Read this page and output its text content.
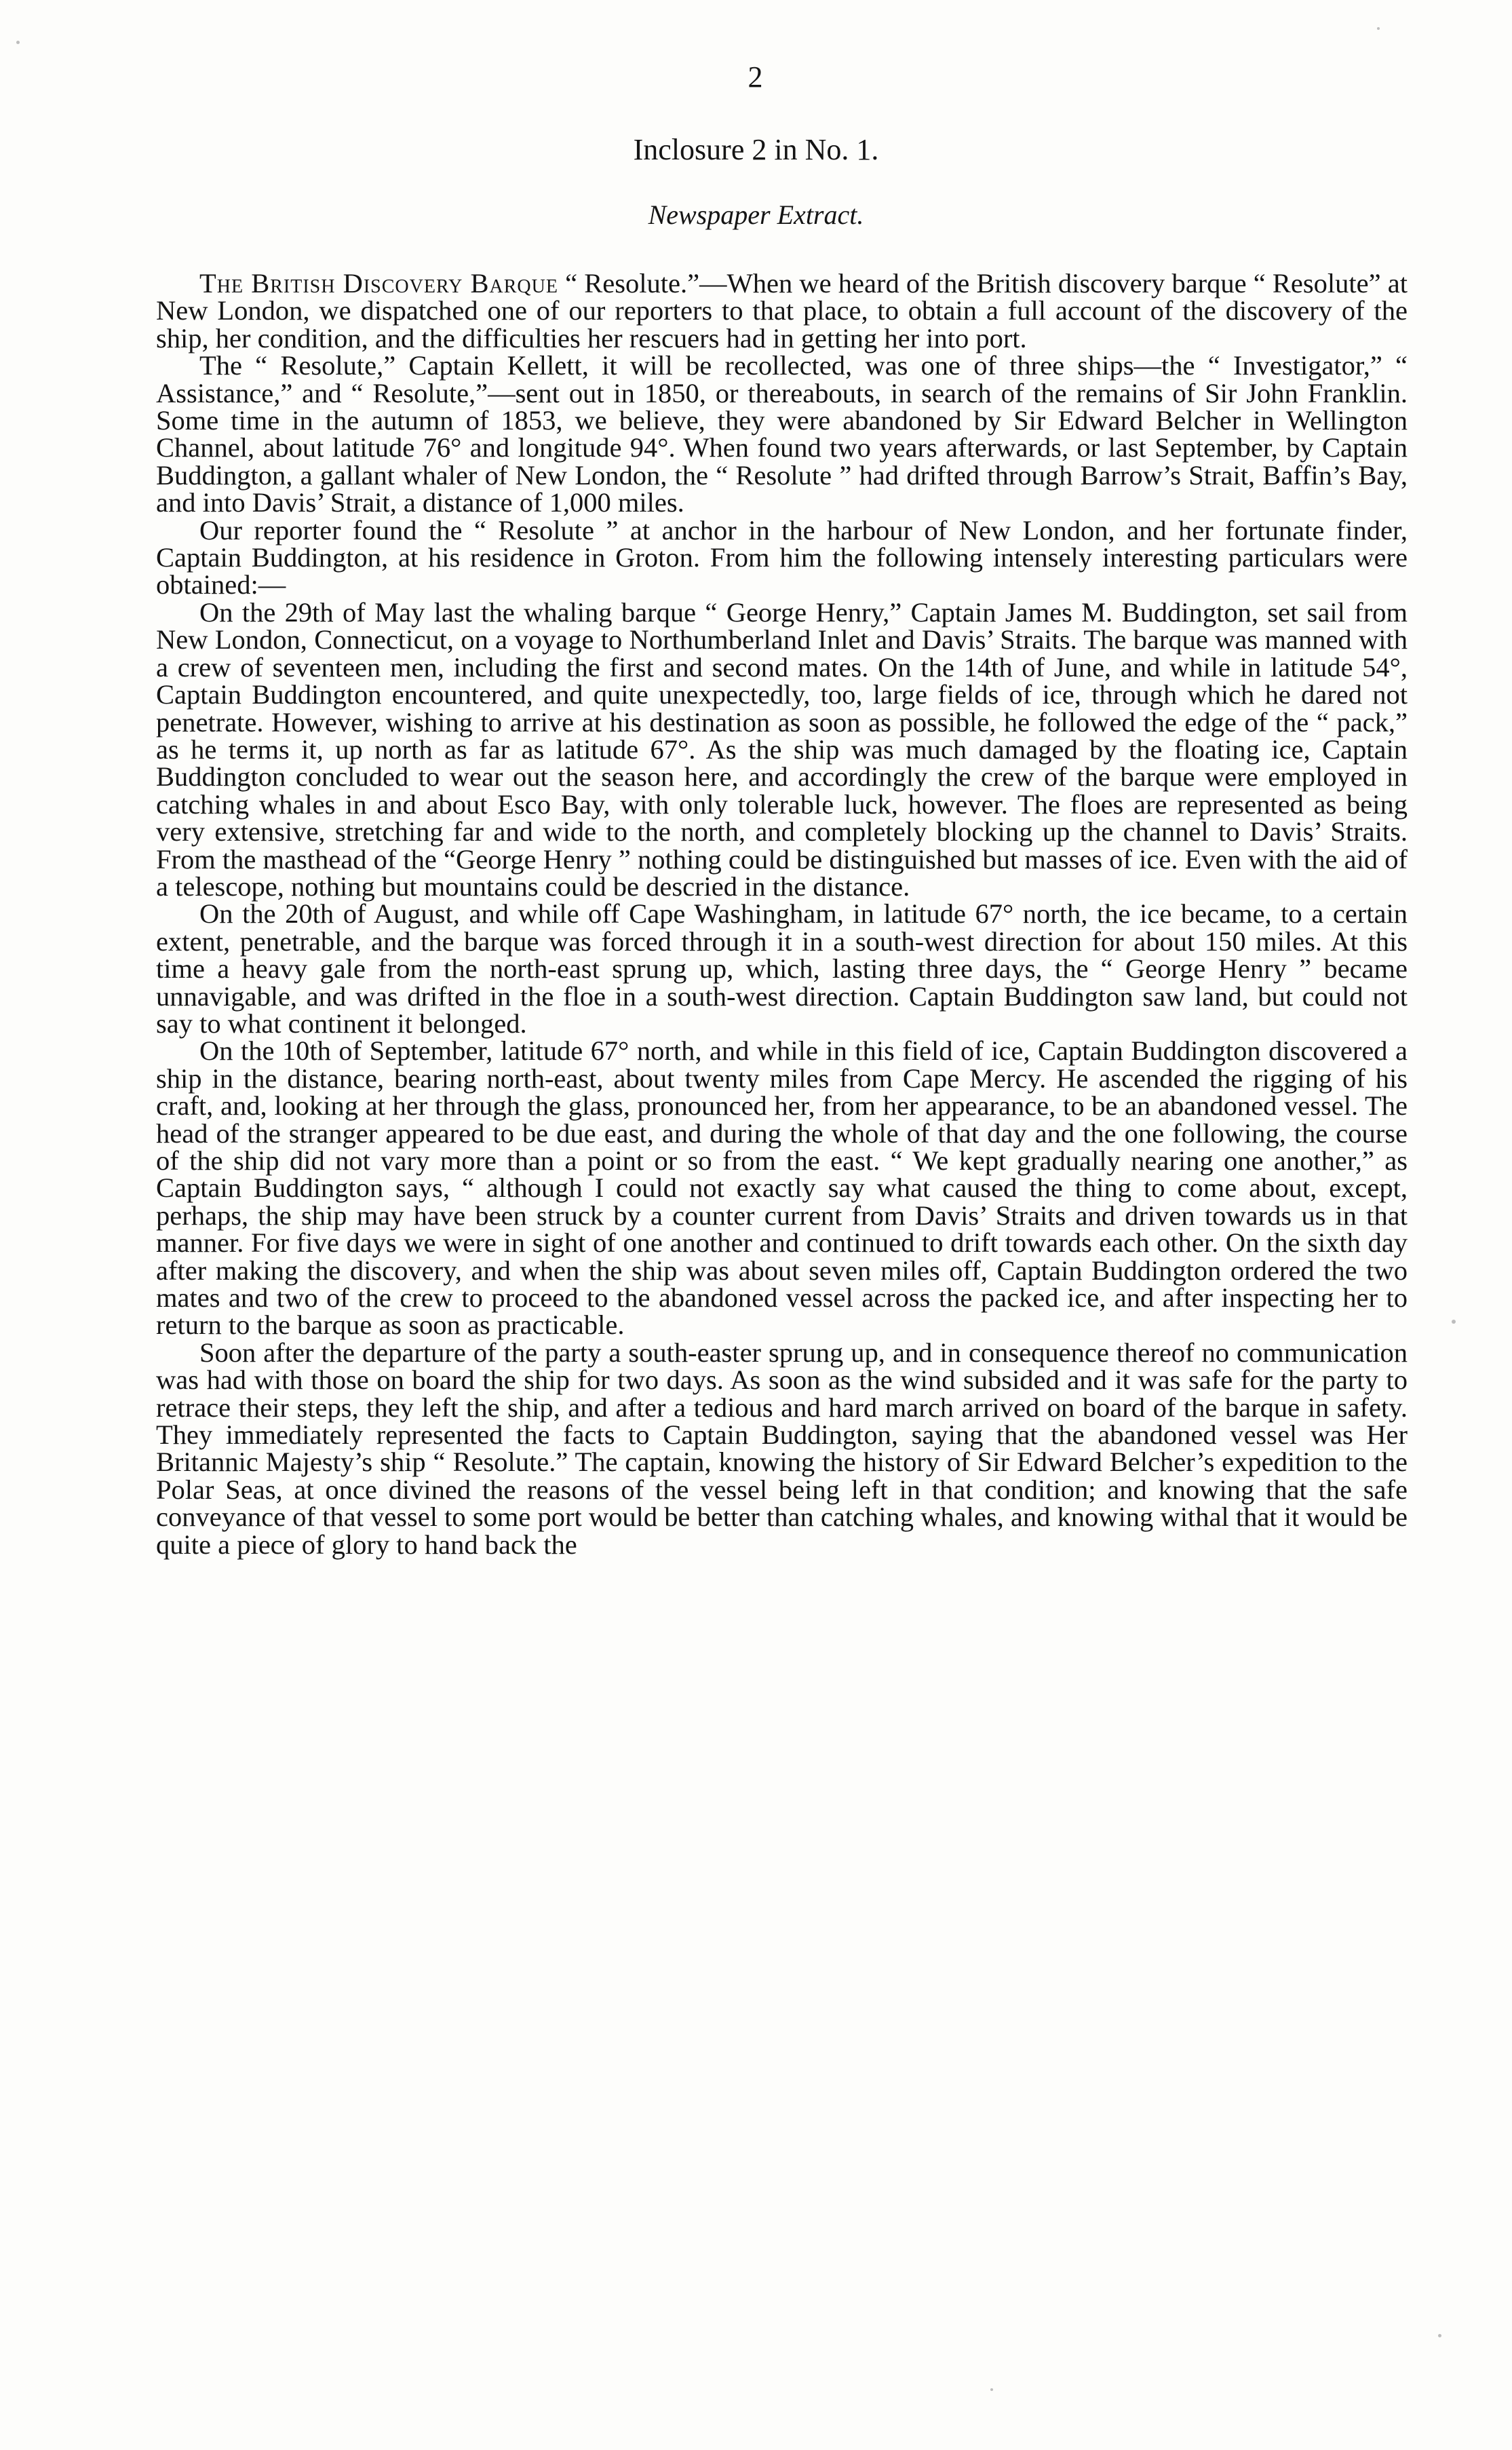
2
Inclosure 2 in No. 1.
Newspaper Extract.

The British Discovery Barque “ Resolute.”—When we heard of the British discovery barque “ Resolute” at New London, we dispatched one of our reporters to that place, to obtain a full account of the discovery of the ship, her condition, and the difficulties her rescuers had in getting her into port.

The “ Resolute,” Captain Kellett, it will be recollected, was one of three ships—the “ Investigator,” “ Assistance,” and “ Resolute,”—sent out in 1850, or thereabouts, in search of the remains of Sir John Franklin. Some time in the autumn of 1853, we believe, they were abandoned by Sir Edward Belcher in Wellington Channel, about latitude 76° and longitude 94°. When found two years afterwards, or last September, by Captain Buddington, a gallant whaler of New London, the “ Resolute ” had drifted through Barrow’s Strait, Baffin’s Bay, and into Davis’ Strait, a distance of 1,000 miles.

Our reporter found the “ Resolute ” at anchor in the harbour of New London, and her fortunate finder, Captain Buddington, at his residence in Groton. From him the following intensely interesting particulars were obtained:—

On the 29th of May last the whaling barque “ George Henry,” Captain James M. Buddington, set sail from New London, Connecticut, on a voyage to Northumberland Inlet and Davis’ Straits. The barque was manned with a crew of seventeen men, including the first and second mates. On the 14th of June, and while in latitude 54°, Captain Buddington encountered, and quite unexpectedly, too, large fields of ice, through which he dared not penetrate. However, wishing to arrive at his destination as soon as possible, he followed the edge of the “ pack,” as he terms it, up north as far as latitude 67°. As the ship was much damaged by the floating ice, Captain Buddington concluded to wear out the season here, and accordingly the crew of the barque were employed in catching whales in and about Esco Bay, with only tolerable luck, however. The floes are represented as being very extensive, stretching far and wide to the north, and completely blocking up the channel to Davis’ Straits. From the masthead of the “George Henry ” nothing could be distinguished but masses of ice. Even with the aid of a telescope, nothing but mountains could be descried in the distance.

On the 20th of August, and while off Cape Washingham, in latitude 67° north, the ice became, to a certain extent, penetrable, and the barque was forced through it in a south-west direction for about 150 miles. At this time a heavy gale from the north-east sprung up, which, lasting three days, the “ George Henry ” became unnavigable, and was drifted in the floe in a south-west direction. Captain Buddington saw land, but could not say to what continent it belonged.

On the 10th of September, latitude 67° north, and while in this field of ice, Captain Buddington discovered a ship in the distance, bearing north-east, about twenty miles from Cape Mercy. He ascended the rigging of his craft, and, looking at her through the glass, pronounced her, from her appearance, to be an abandoned vessel. The head of the stranger appeared to be due east, and during the whole of that day and the one following, the course of the ship did not vary more than a point or so from the east. “ We kept gradually nearing one another,” as Captain Buddington says, “ although I could not exactly say what caused the thing to come about, except, perhaps, the ship may have been struck by a counter current from Davis’ Straits and driven towards us in that manner. For five days we were in sight of one another and continued to drift towards each other. On the sixth day after making the discovery, and when the ship was about seven miles off, Captain Buddington ordered the two mates and two of the crew to proceed to the abandoned vessel across the packed ice, and after inspecting her to return to the barque as soon as practicable.

Soon after the departure of the party a south-easter sprung up, and in consequence thereof no communication was had with those on board the ship for two days. As soon as the wind subsided and it was safe for the party to retrace their steps, they left the ship, and after a tedious and hard march arrived on board of the barque in safety. They immediately represented the facts to Captain Buddington, saying that the abandoned vessel was Her Britannic Majesty’s ship “ Resolute.” The captain, knowing the history of Sir Edward Belcher’s expedition to the Polar Seas, at once divined the reasons of the vessel being left in that condition; and knowing that the safe conveyance of that vessel to some port would be better than catching whales, and knowing withal that it would be quite a piece of glory to hand back the
